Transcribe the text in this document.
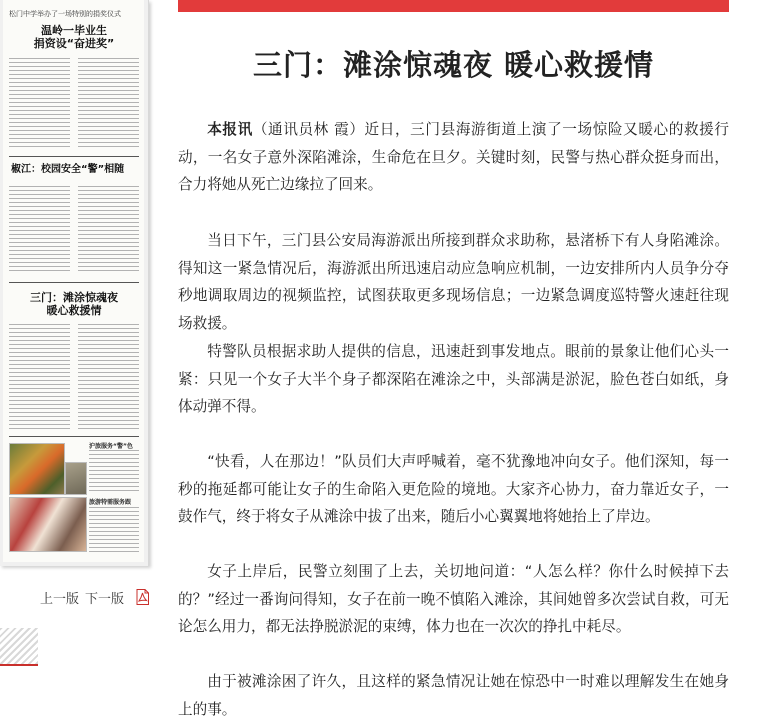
松门中学举办了一场特别的捐奖仪式
温岭一毕业生
捐资设“奋进奖”
椒江：校园安全“警”相随
三门：滩涂惊魂夜
暖心救援情
沪旅服务“警”色
旅游特需服务跟
上一版 下一版
三门：滩涂惊魂夜 暖心救援情

本报讯（通讯员林 霞）近日，三门县海游街道上演了一场惊险又暖心的救援行动，一名女子意外深陷滩涂，生命危在旦夕。关键时刻，民警与热心群众挺身而出，合力将她从死亡边缘拉了回来。

当日下午，三门县公安局海游派出所接到群众求助称，悬渚桥下有人身陷滩涂。得知这一紧急情况后，海游派出所迅速启动应急响应机制，一边安排所内人员争分夺秒地调取周边的视频监控，试图获取更多现场信息；一边紧急调度巡特警火速赶往现场救援。

特警队员根据求助人提供的信息，迅速赶到事发地点。眼前的景象让他们心头一紧：只见一个女子大半个身子都深陷在滩涂之中，头部满是淤泥，脸色苍白如纸，身体动弹不得。

“快看，人在那边！”队员们大声呼喊着，毫不犹豫地冲向女子。他们深知，每一秒的拖延都可能让女子的生命陷入更危险的境地。大家齐心协力，奋力靠近女子，一鼓作气，终于将女子从滩涂中拔了出来，随后小心翼翼地将她抬上了岸边。

女子上岸后，民警立刻围了上去，关切地问道：“人怎么样？你什么时候掉下去的？”经过一番询问得知，女子在前一晚不慎陷入滩涂，其间她曾多次尝试自救，可无论怎么用力，都无法挣脱淤泥的束缚，体力也在一次次的挣扎中耗尽。

由于被滩涂困了许久，且这样的紧急情况让她在惊恐中一时难以理解发生在她身上的事。
